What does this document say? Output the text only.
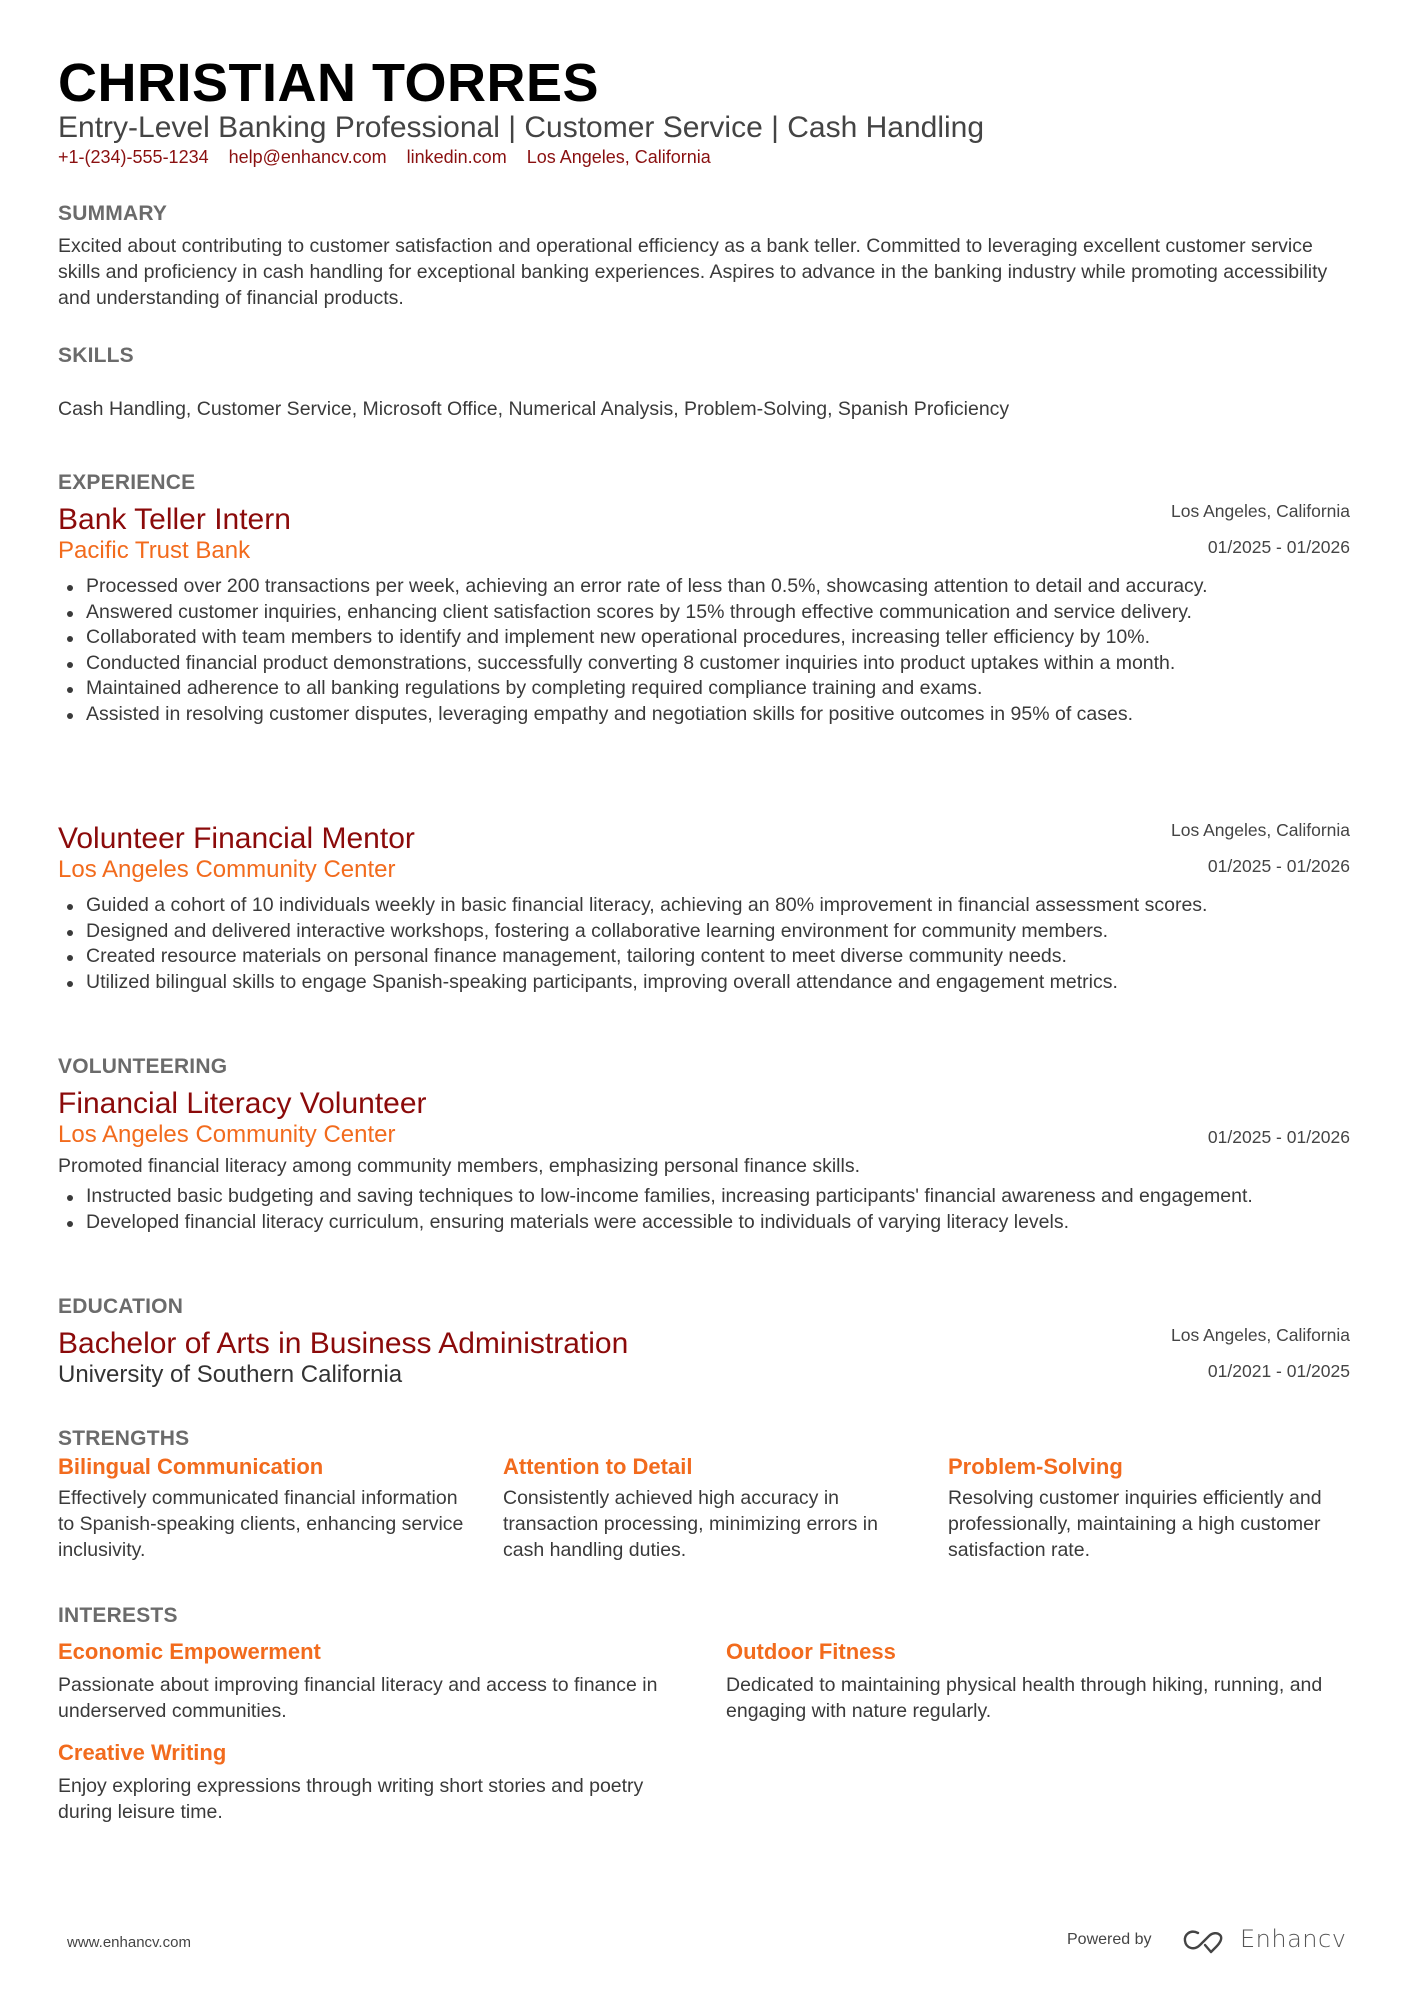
CHRISTIAN TORRES
Entry-Level Banking Professional | Customer Service | Cash Handling
+1-(234)-555-1234 help@enhancv.com linkedin.com Los Angeles, California
SUMMARY
Excited about contributing to customer satisfaction and operational efficiency as a bank teller. Committed to leveraging excellent customer service skills and proficiency in cash handling for exceptional banking experiences. Aspires to advance in the banking industry while promoting accessibility and understanding of financial products.
SKILLS
Cash Handling, Customer Service, Microsoft Office, Numerical Analysis, Problem-Solving, Spanish Proficiency
EXPERIENCE
Bank Teller Intern
Pacific Trust Bank
Los Angeles, California
01/2025 - 01/2026
Processed over 200 transactions per week, achieving an error rate of less than 0.5%, showcasing attention to detail and accuracy.
Answered customer inquiries, enhancing client satisfaction scores by 15% through effective communication and service delivery.
Collaborated with team members to identify and implement new operational procedures, increasing teller efficiency by 10%.
Conducted financial product demonstrations, successfully converting 8 customer inquiries into product uptakes within a month.
Maintained adherence to all banking regulations by completing required compliance training and exams.
Assisted in resolving customer disputes, leveraging empathy and negotiation skills for positive outcomes in 95% of cases.
Volunteer Financial Mentor
Los Angeles Community Center
Los Angeles, California
01/2025 - 01/2026
Guided a cohort of 10 individuals weekly in basic financial literacy, achieving an 80% improvement in financial assessment scores.
Designed and delivered interactive workshops, fostering a collaborative learning environment for community members.
Created resource materials on personal finance management, tailoring content to meet diverse community needs.
Utilized bilingual skills to engage Spanish-speaking participants, improving overall attendance and engagement metrics.
VOLUNTEERING
Financial Literacy Volunteer
Los Angeles Community Center	01/2025 - 01/2026
Promoted financial literacy among community members, emphasizing personal finance skills.
Instructed basic budgeting and saving techniques to low-income families, increasing participants' financial awareness and engagement.
Developed financial literacy curriculum, ensuring materials were accessible to individuals of varying literacy levels.
EDUCATION
Bachelor of Arts in Business Administration
University of Southern California
Los Angeles, California
01/2021 - 01/2025
STRENGTHS
Bilingual Communication
Effectively communicated financial information to Spanish-speaking clients, enhancing service inclusivity.
Attention to Detail
Consistently achieved high accuracy in transaction processing, minimizing errors in cash handling duties.
Problem-Solving
Resolving customer inquiries efficiently and professionally, maintaining a high customer satisfaction rate.
INTERESTS
Economic Empowerment
Passionate about improving financial literacy and access to finance in underserved communities.
Outdoor Fitness
Dedicated to maintaining physical health through hiking, running, and engaging with nature regularly.
Creative Writing
Enjoy exploring expressions through writing short stories and poetry during leisure time.
www.enhancv.com	Powered by	Enhancv
